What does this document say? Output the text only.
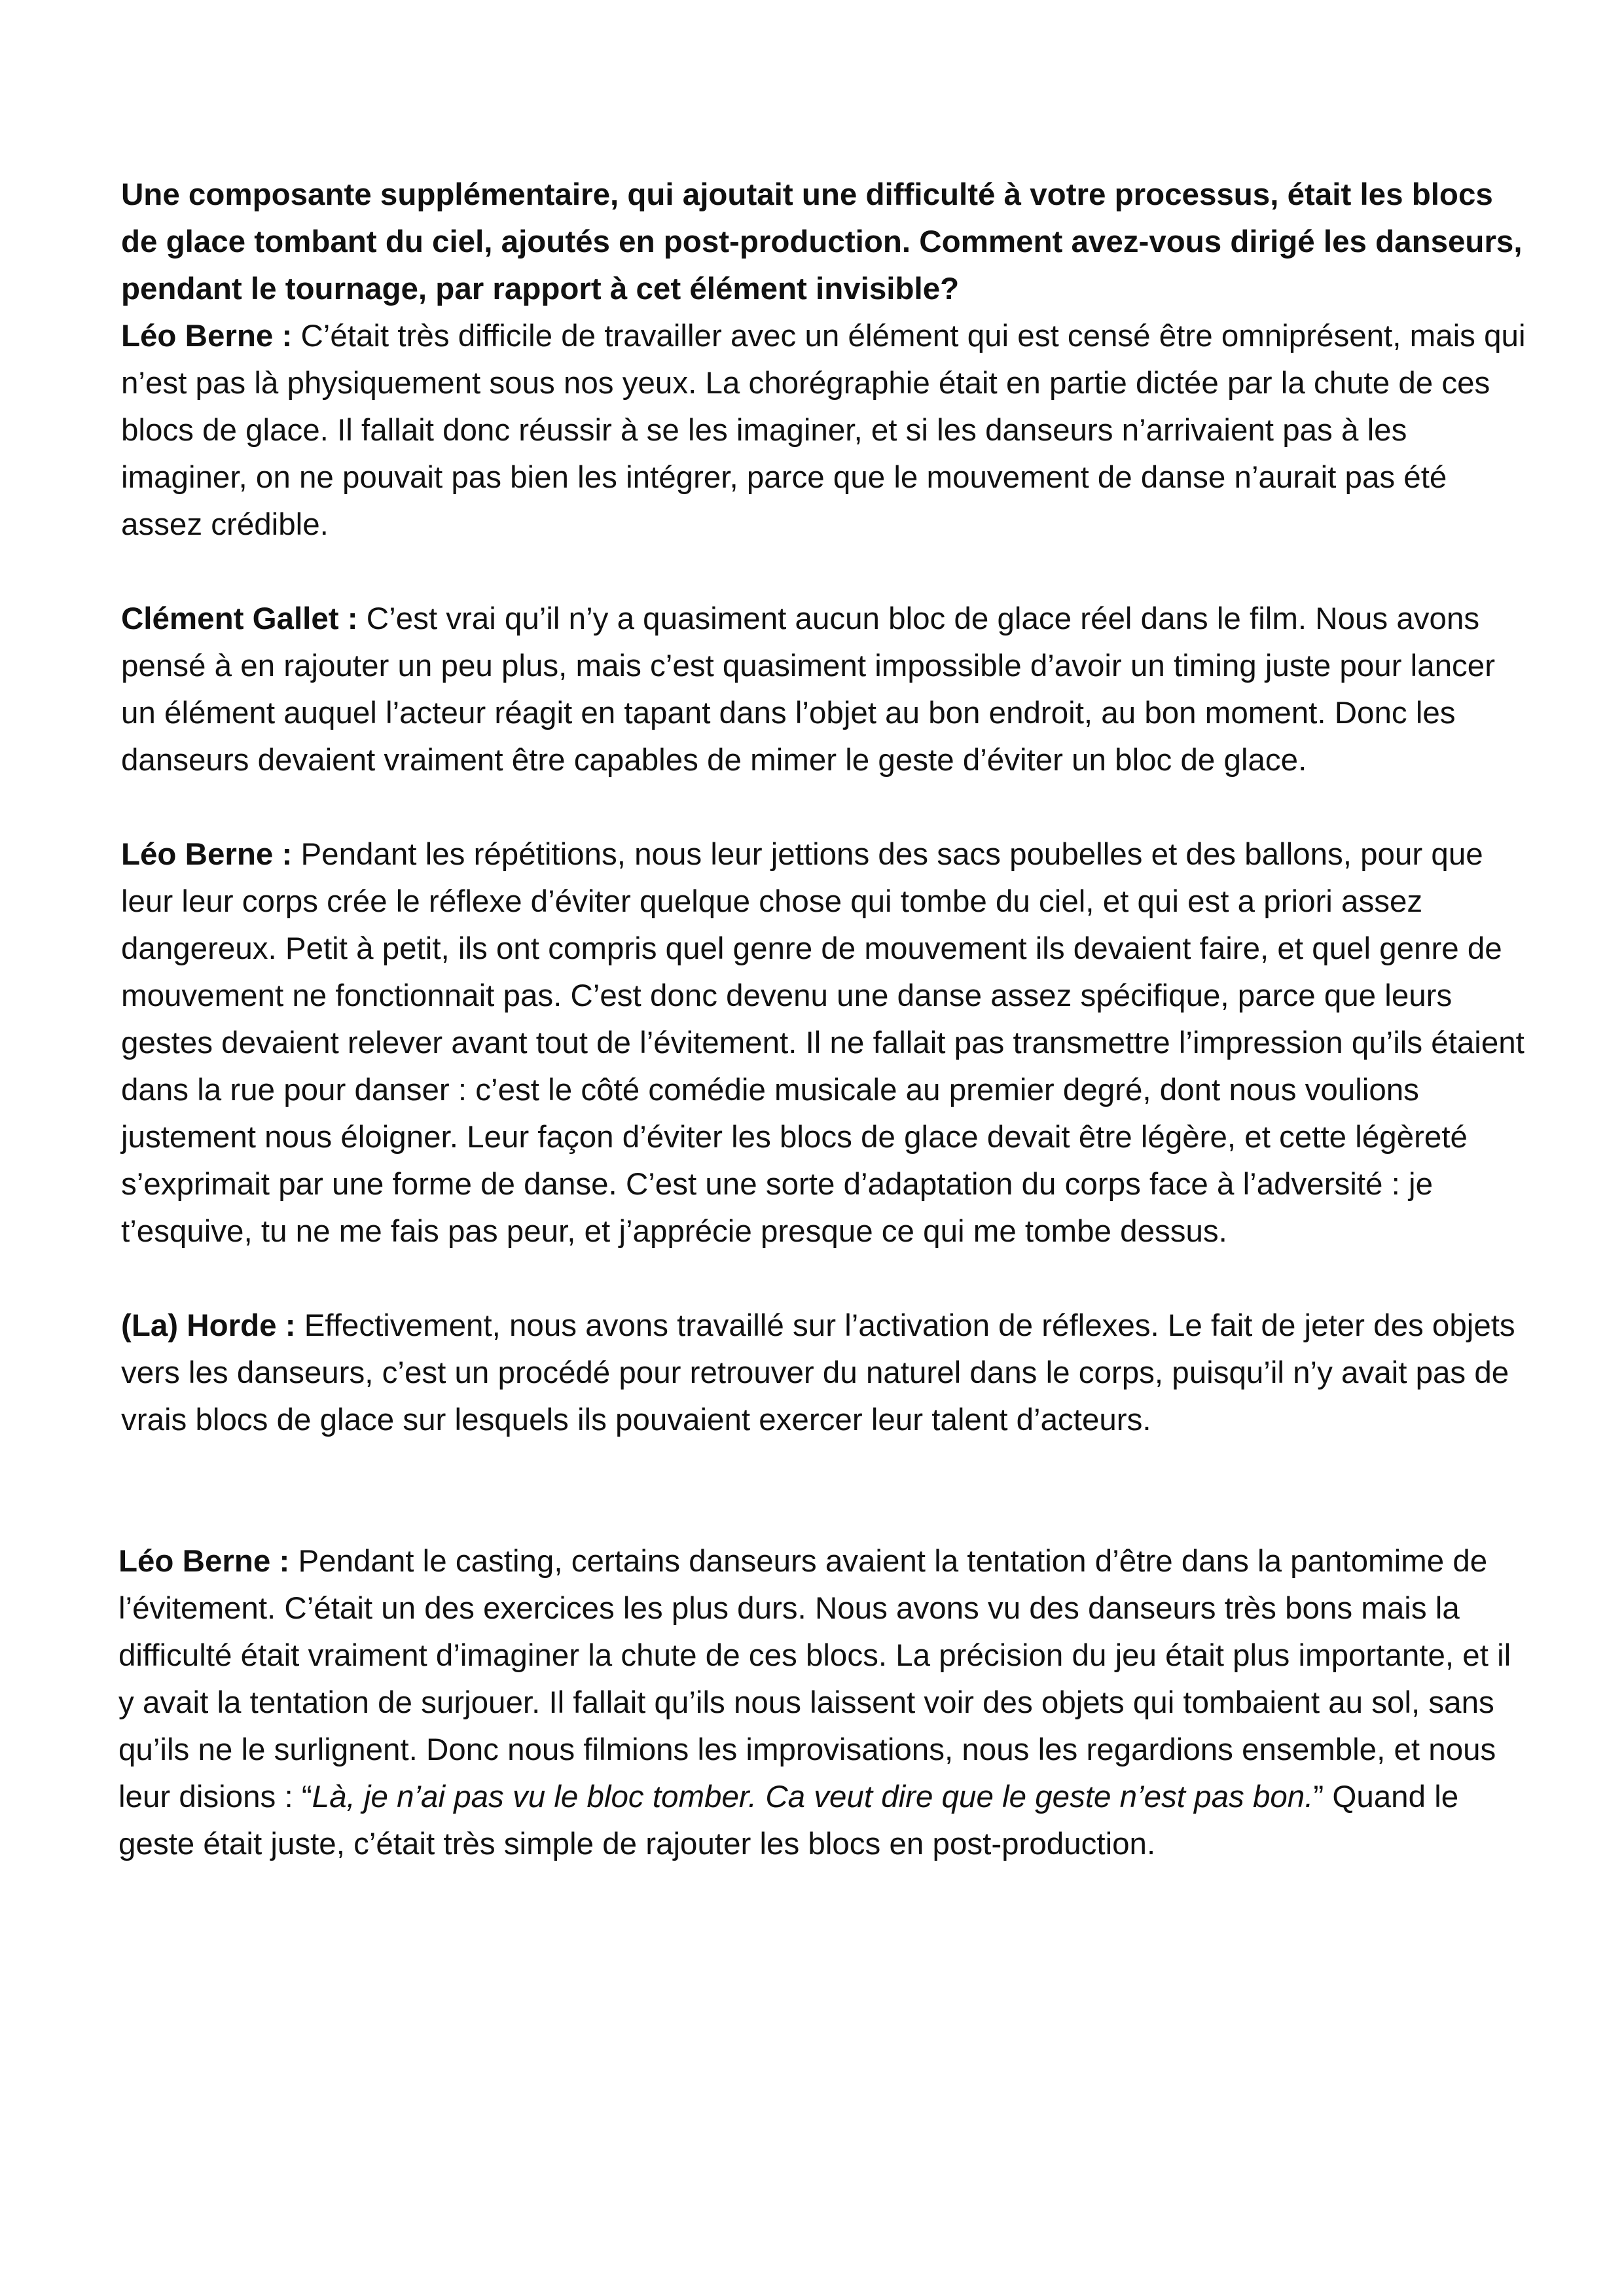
Une composante supplémentaire, qui ajoutait une difficulté à votre processus, était les blocs de glace tombant du ciel, ajoutés en post-production. Comment avez-vous dirigé les danseurs, pendant le tournage, par rapport à cet élément invisible?

Léo Berne : C’était très difficile de travailler avec un élément qui est censé être omniprésent, mais qui n’est pas là physiquement sous nos yeux. La chorégraphie était en partie dictée par la chute de ces blocs de glace. Il fallait donc réussir à se les imaginer, et si les danseurs n’arrivaient pas à les imaginer, on ne pouvait pas bien les intégrer, parce que le mouvement de danse n’aurait pas été assez crédible.

Clément Gallet : C’est vrai qu’il n’y a quasiment aucun bloc de glace réel dans le film. Nous avons pensé à en rajouter un peu plus, mais c’est quasiment impossible d’avoir un timing juste pour lancer un élément auquel l’acteur réagit en tapant dans l’objet au bon endroit, au bon moment. Donc les danseurs devaient vraiment être capables de mimer le geste d’éviter un bloc de glace.

Léo Berne : Pendant les répétitions, nous leur jettions des sacs poubelles et des ballons, pour que leur leur corps crée le réflexe d’éviter quelque chose qui tombe du ciel, et qui est a priori assez dangereux. Petit à petit, ils ont compris quel genre de mouvement ils devaient faire, et quel genre de mouvement ne fonctionnait pas. C’est donc devenu une danse assez spécifique, parce que leurs gestes devaient relever avant tout de l’évitement. Il ne fallait pas transmettre l’impression qu’ils étaient dans la rue pour danser : c’est le côté comédie musicale au premier degré, dont nous voulions justement nous éloigner. Leur façon d’éviter les blocs de glace devait être légère, et cette légèreté s’exprimait par une forme de danse. C’est une sorte d’adaptation du corps face à l’adversité : je t’esquive, tu ne me fais pas peur, et j’apprécie presque ce qui me tombe dessus.

(La) Horde : Effectivement, nous avons travaillé sur l’activation de réflexes. Le fait de jeter des objets vers les danseurs, c’est un procédé pour retrouver du naturel dans le corps, puisqu’il n’y avait pas de vrais blocs de glace sur lesquels ils pouvaient exercer leur talent d’acteurs.

Léo Berne : Pendant le casting, certains danseurs avaient la tentation d’être dans la pantomime de l’évitement. C’était un des exercices les plus durs. Nous avons vu des danseurs très bons mais la difficulté était vraiment d’imaginer la chute de ces blocs. La précision du jeu était plus importante, et il y avait la tentation de surjouer. Il fallait qu’ils nous laissent voir des objets qui tombaient au sol, sans qu’ils ne le surlignent. Donc nous filmions les improvisations, nous les regardions ensemble, et nous leur disions : “Là, je n’ai pas vu le bloc tomber. Ca veut dire que le geste n’est pas bon.” Quand le geste était juste, c’était très simple de rajouter les blocs en post-production.
